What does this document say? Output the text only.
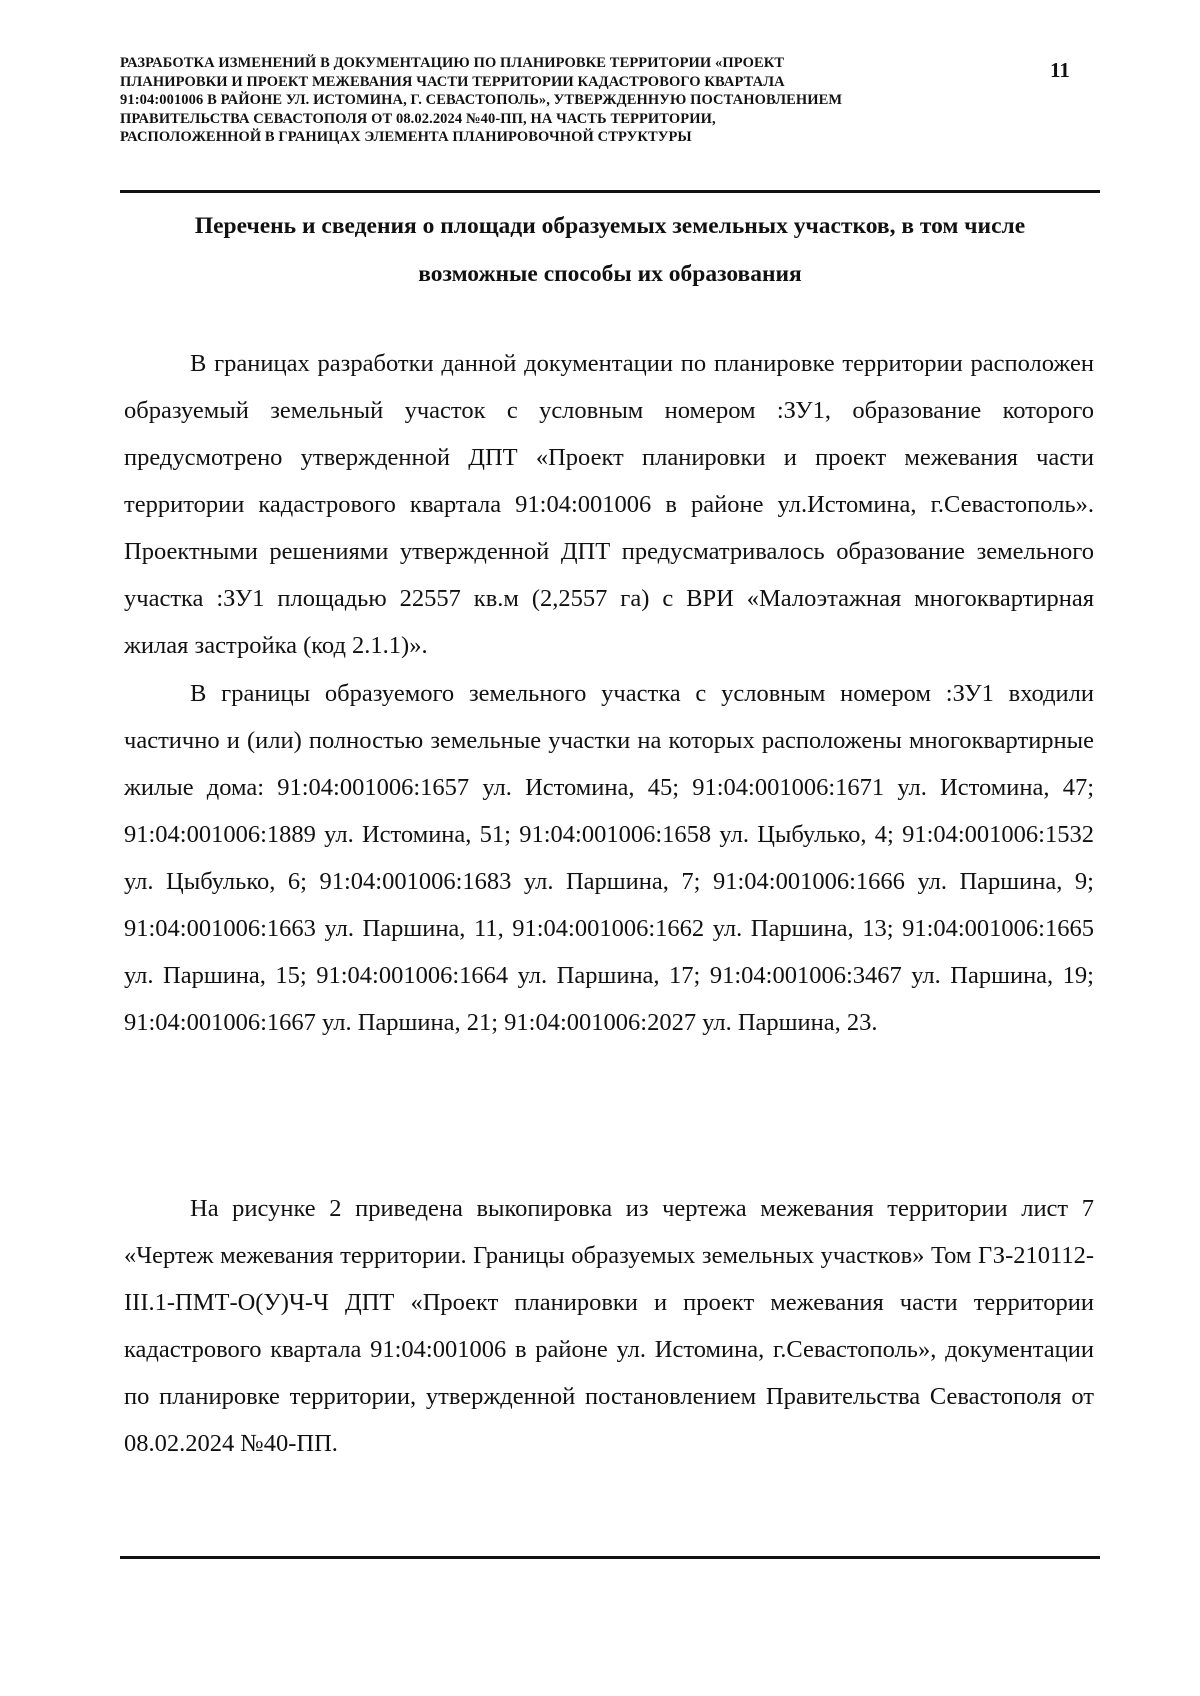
РАЗРАБОТКА ИЗМЕНЕНИЙ В ДОКУМЕНТАЦИЮ ПО ПЛАНИРОВКЕ ТЕРРИТОРИИ «ПРОЕКТ
ПЛАНИРОВКИ И ПРОЕКТ МЕЖЕВАНИЯ ЧАСТИ ТЕРРИТОРИИ КАДАСТРОВОГО КВАРТАЛА
91:04:001006 В РАЙОНЕ УЛ. ИСТОМИНА, Г. СЕВАСТОПОЛЬ», УТВЕРЖДЕННУЮ ПОСТАНОВЛЕНИЕМ
ПРАВИТЕЛЬСТВА СЕВАСТОПОЛЯ ОТ 08.02.2024 №40-ПП, НА ЧАСТЬ ТЕРРИТОРИИ,
РАСПОЛОЖЕННОЙ В ГРАНИЦАХ ЭЛЕМЕНТА ПЛАНИРОВОЧНОЙ СТРУКТУРЫ
11
Перечень и сведения о площади образуемых земельных участков, в том числе
возможные способы их образования

В границах разработки данной документации по планировке территории расположен образуемый земельный участок с условным номером :ЗУ1, образование которого предусмотрено утвержденной ДПТ «Проект планировки и проект межевания части территории кадастрового квартала 91:04:001006 в районе ул.Истомина, г.Севастополь». Проектными решениями утвержденной ДПТ предусматривалось образование земельного участка :ЗУ1 площадью 22557 кв.м (2,2557 га) с ВРИ «Малоэтажная многоквартирная жилая застройка (код 2.1.1)».

В границы образуемого земельного участка с условным номером :ЗУ1 входили частично и (или) полностью земельные участки на которых расположены многоквартирные жилые дома: 91:04:001006:1657 ул. Истомина, 45; 91:04:001006:1671 ул. Истомина, 47; 91:04:001006:1889 ул. Истомина, 51; 91:04:001006:1658 ул. Цыбулько, 4; 91:04:001006:1532 ул. Цыбулько, 6; 91:04:001006:1683 ул. Паршина, 7; 91:04:001006:1666 ул. Паршина, 9; 91:04:001006:1663 ул. Паршина, 11, 91:04:001006:1662 ул. Паршина, 13; 91:04:001006:1665 ул. Паршина, 15; 91:04:001006:1664 ул. Паршина, 17; 91:04:001006:3467 ул. Паршина, 19; 91:04:001006:1667 ул. Паршина, 21; 91:04:001006:2027 ул. Паршина, 23.

На рисунке 2 приведена выкопировка из чертежа межевания территории лист 7 «Чертеж межевания территории. Границы образуемых земельных участков» Том ГЗ-210112-III.1-ПМТ-О(У)Ч-Ч ДПТ «Проект планировки и проект межевания части территории кадастрового квартала 91:04:001006 в районе ул. Истомина, г.Севастополь», документации по планировке территории, утвержденной постановлением Правительства Севастополя от 08.02.2024 №40-ПП.
